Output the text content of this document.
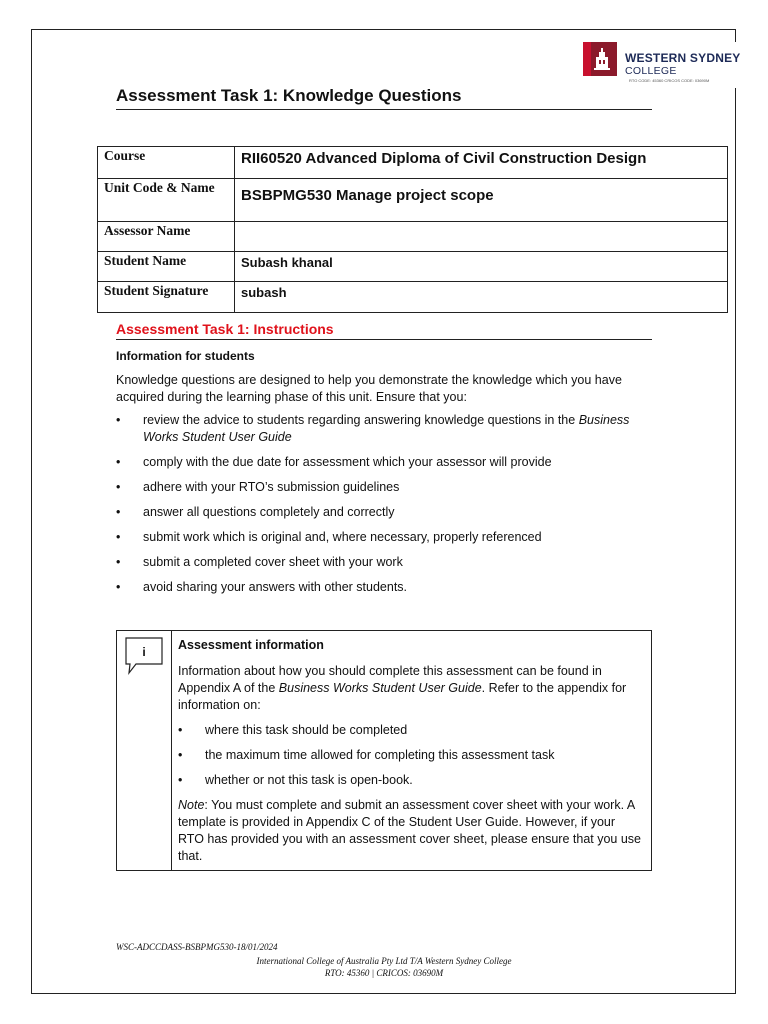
WESTERN SYDNEY
COLLEGE
RTO CODE: 45360 CRICOS CODE: 03690M
Assessment Task 1: Knowledge Questions
Course	RII60520 Advanced Diploma of Civil Construction Design
Unit Code & Name	BSBPMG530 Manage project scope
Assessor Name	
Student Name	Subash khanal
Student Signature	subash
Assessment Task 1: Instructions
Information for students
Knowledge questions are designed to help you demonstrate the knowledge which you have acquired during the learning phase of this unit. Ensure that you:
• review the advice to students regarding answering knowledge questions in the Business Works Student User Guide
• comply with the due date for assessment which your assessor will provide
• adhere with your RTO’s submission guidelines
• answer all questions completely and correctly
• submit work which is original and, where necessary, properly referenced
• submit a completed cover sheet with your work
• avoid sharing your answers with other students.
i	Assessment information

Information about how you should complete this assessment can be found in Appendix A of the Business Works Student User Guide. Refer to the appendix for information on:

• where this task should be completed
• the maximum time allowed for completing this assessment task
• whether or not this task is open-book.

Note: You must complete and submit an assessment cover sheet with your work. A template is provided in Appendix C of the Student User Guide. However, if your RTO has provided you with an assessment cover sheet, please ensure that you use that.

WSC-ADCCDASS-BSBPMG530-18/01/2024
International College of Australia Pty Ltd T/A Western Sydney College
RTO: 45360 | CRICOS: 03690M
